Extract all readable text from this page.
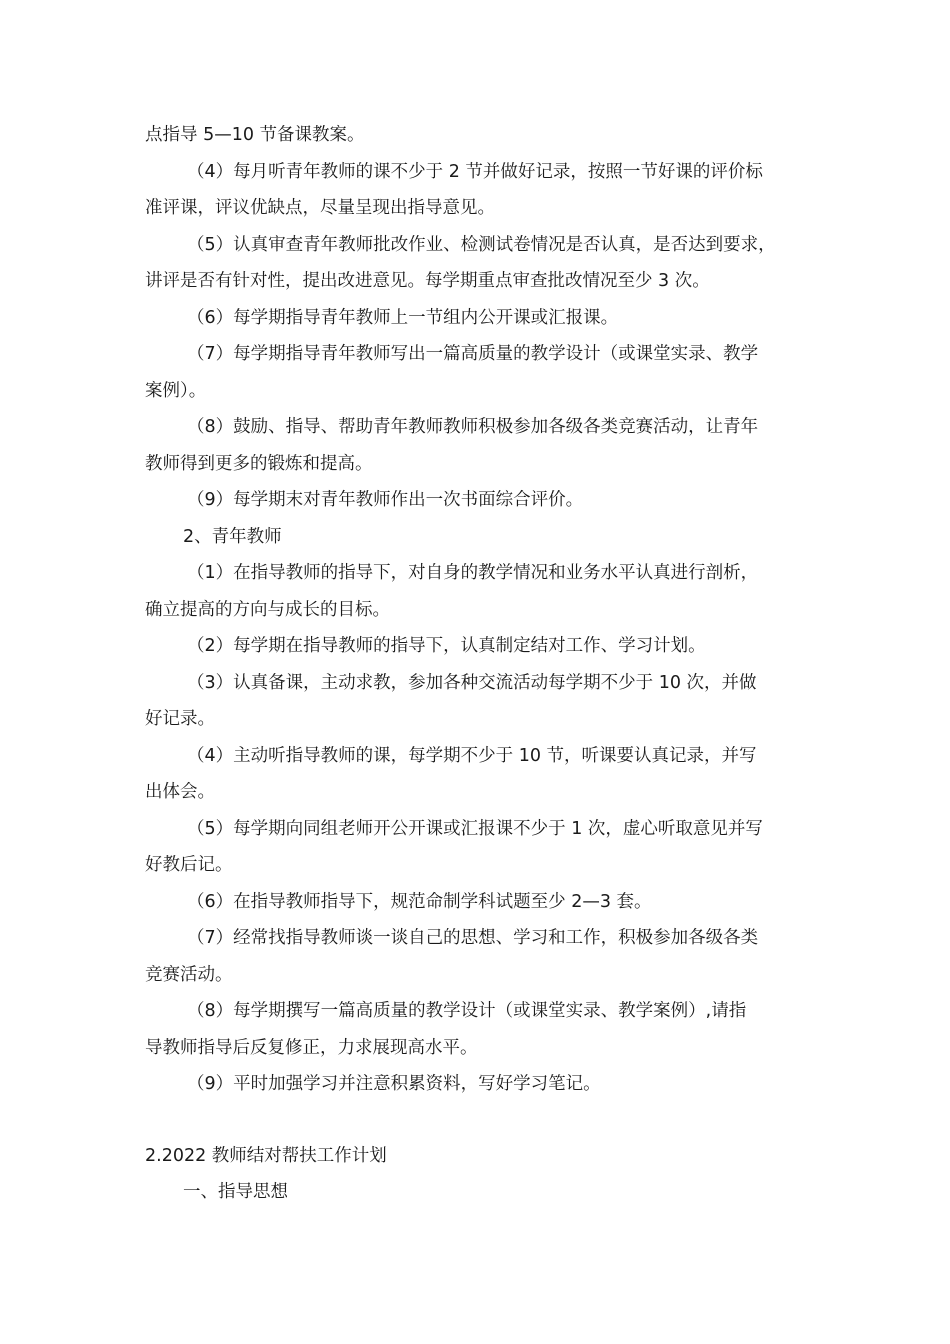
点指导 5—10 节备课教案。
（4）每月听青年教师的课不少于 2 节并做好记录，按照一节好课的评价标
准评课，评议优缺点，尽量呈现出指导意见。
（5）认真审查青年教师批改作业、检测试卷情况是否认真，是否达到要求，
讲评是否有针对性，提出改进意见。每学期重点审查批改情况至少 3 次。
（6）每学期指导青年教师上一节组内公开课或汇报课。
（7）每学期指导青年教师写出一篇高质量的教学设计（或课堂实录、教学
案例）。
（8）鼓励、指导、帮助青年教师教师积极参加各级各类竞赛活动，让青年
教师得到更多的锻炼和提高。
（9）每学期末对青年教师作出一次书面综合评价。
2、青年教师
（1）在指导教师的指导下，对自身的教学情况和业务水平认真进行剖析，
确立提高的方向与成长的目标。
（2）每学期在指导教师的指导下，认真制定结对工作、学习计划。
（3）认真备课，主动求教，参加各种交流活动每学期不少于 10 次，并做
好记录。
（4）主动听指导教师的课，每学期不少于 10 节，听课要认真记录，并写
出体会。
（5）每学期向同组老师开公开课或汇报课不少于 1 次，虚心听取意见并写
好教后记。
（6）在指导教师指导下，规范命制学科试题至少 2—3 套。
（7）经常找指导教师谈一谈自己的思想、学习和工作，积极参加各级各类
竞赛活动。
（8）每学期撰写一篇高质量的教学设计（或课堂实录、教学案例）,请指
导教师指导后反复修正，力求展现高水平。
（9）平时加强学习并注意积累资料，写好学习笔记。
2.2022 教师结对帮扶工作计划
一、指导思想
